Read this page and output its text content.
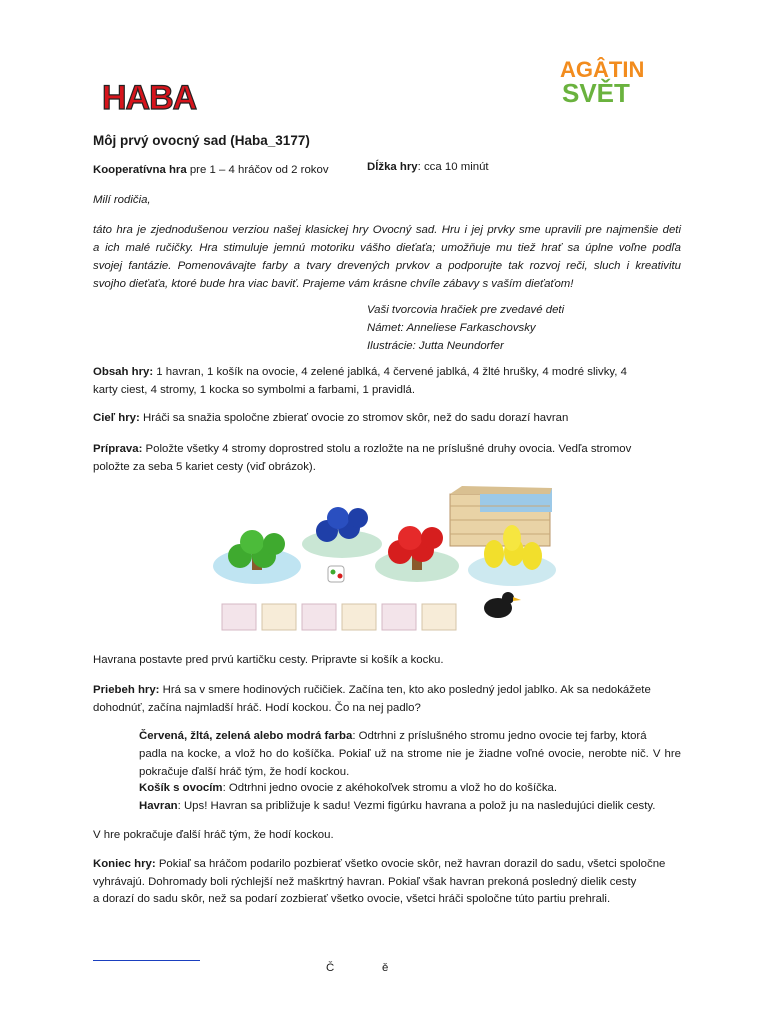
HABA
AGÂTIN
SVĚT
Môj prvý ovocný sad (Haba_3177)
Kooperatívna hra pre 1 – 4 hráčov od 2 rokov	Dĺžka hry: cca 10 minút
Milí rodičia,
táto hra je zjednodušenou verziou našej klasickej hry Ovocný sad. Hru i jej prvky sme upravili pre najmenšie deti
a ich malé ručičky. Hra stimuluje jemnú motoriku vášho dieťaťa; umožňuje mu tiež hrať sa úplne voľne podľa
svojej fantázie. Pomenovávajte farby a tvary drevených prvkov a podporujte tak rozvoj reči, sluch i kreativitu
svojho dieťaťa, ktoré bude hra viac baviť. Prajeme vám krásne chvíle zábavy s vaším dieťaťom!
Vaši tvorcovia hračiek pre zvedavé deti
Námet: Anneliese Farkaschovsky
Ilustrácie: Jutta Neundorfer
Obsah hry: 1 havran, 1 košík na ovocie, 4 zelené jablká, 4 červené jablká, 4 žlté hrušky, 4 modré slivky, 4
karty ciest, 4 stromy, 1 kocka so symbolmi a farbami, 1 pravidlá.
Cieľ hry: Hráči sa snažia spoločne zbierať ovocie zo stromov skôr, než do sadu dorazí havran
Príprava: Položte všetky 4 stromy doprostred stolu a rozložte na ne príslušné druhy ovocia. Vedľa stromov
položte za seba 5 kariet cesty (viď obrázok).
Havrana postavte pred prvú kartičku cesty. Pripravte si košík a kocku.
Priebeh hry: Hrá sa v smere hodinových ručičiek. Začína ten, kto ako posledný jedol jablko. Ak sa nedokážete
dohodnúť, začína najmladší hráč. Hodí kockou. Čo na nej padlo?
Červená, žltá, zelená alebo modrá farba: Odtrhni z príslušného stromu jedno ovocie tej farby, ktorá
padla na kocke, a vlož ho do košíčka. Pokiaľ už na strome nie je žiadne voľné ovocie, nerobte nič. V hre
pokračuje ďalší hráč tým, že hodí kockou.
Košík s ovocím: Odtrhni jedno ovocie z akéhokoľvek stromu a vlož ho do košíčka.
Havran: Ups! Havran sa približuje k sadu! Vezmi figúrku havrana a polož ju na nasledujúci dielik cesty.
V hre pokračuje ďalší hráč tým, že hodí kockou.
Koniec hry: Pokiaľ sa hráčom podarilo pozbierať všetko ovocie skôr, než havran dorazil do sadu, všetci spoločne
vyhrávajú. Dohromady boli rýchlejší než maškrtný havran. Pokiaľ však havran prekoná posledný dielik cesty
a dorazí do sadu skôr, než sa podarí zozbierať všetko ovocie, všetci hráči spoločne túto partiu prehrali.
Č	ě
